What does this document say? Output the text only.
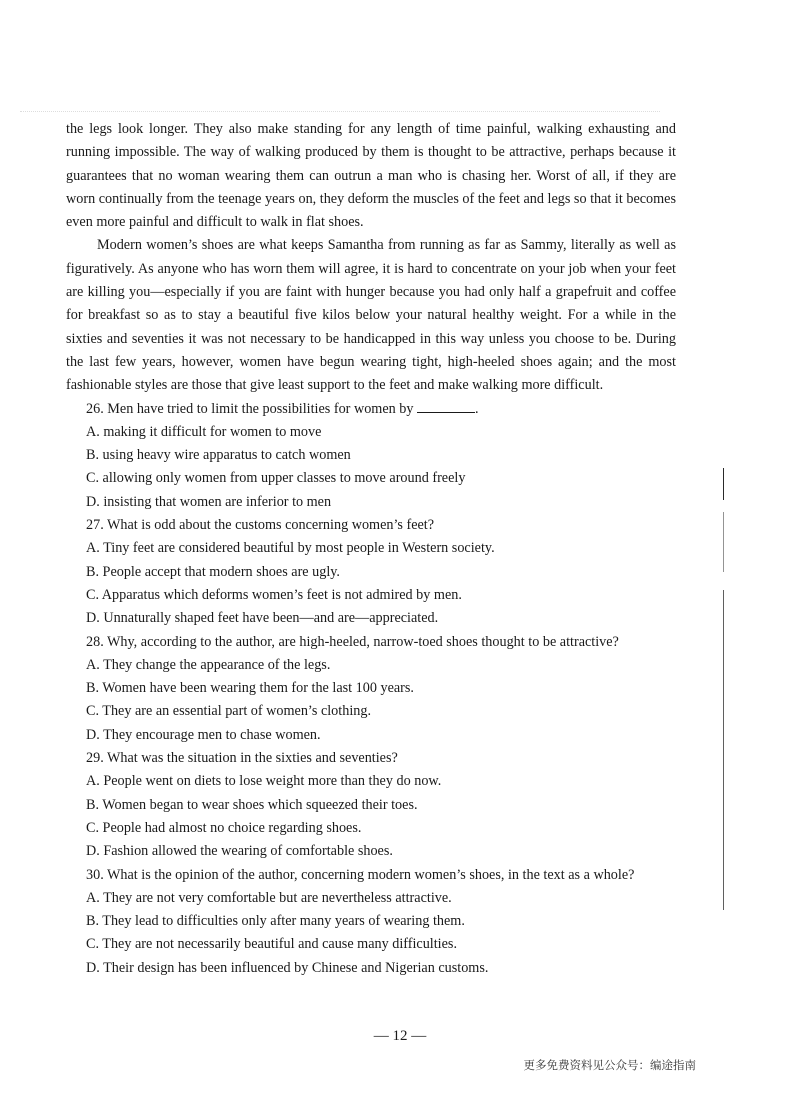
the legs look longer. They also make standing for any length of time painful, walking exhausting and running impossible. The way of walking produced by them is thought to be attractive, perhaps because it guarantees that no woman wearing them can outrun a man who is chasing her. Worst of all, if they are worn continually from the teenage years on, they deform the muscles of the feet and legs so that it becomes even more painful and difficult to walk in flat shoes.

Modern women’s shoes are what keeps Samantha from running as far as Sammy, literally as well as figuratively. As anyone who has worn them will agree, it is hard to concentrate on your job when your feet are killing you—especially if you are faint with hunger because you had only half a grapefruit and coffee for breakfast so as to stay a beautiful five kilos below your natural healthy weight. For a while in the sixties and seventies it was not necessary to be handicapped in this way unless you choose to be. During the last few years, however, women have begun wearing tight, high-heeled shoes again; and the most fashionable styles are those that give least support to the feet and make walking more difficult.

26. Men have tried to limit the possibilities for women by	.

A. making it difficult for women to move

B. using heavy wire apparatus to catch women

C. allowing only women from upper classes to move around freely

D. insisting that women are inferior to men

27. What is odd about the customs concerning women’s feet?

A. Tiny feet are considered beautiful by most people in Western society.

B. People accept that modern shoes are ugly.

C. Apparatus which deforms women’s feet is not admired by men.

D. Unnaturally shaped feet have been—and are—appreciated.

28. Why, according to the author, are high-heeled, narrow-toed shoes thought to be attractive?

A. They change the appearance of the legs.

B. Women have been wearing them for the last 100 years.

C. They are an essential part of women’s clothing.

D. They encourage men to chase women.

29. What was the situation in the sixties and seventies?

A. People went on diets to lose weight more than they do now.

B. Women began to wear shoes which squeezed their toes.

C. People had almost no choice regarding shoes.

D. Fashion allowed the wearing of comfortable shoes.

30. What is the opinion of the author, concerning modern women’s shoes, in the text as a whole?

A. They are not very comfortable but are nevertheless attractive.

B. They lead to difficulties only after many years of wearing them.

C. They are not necessarily beautiful and cause many difficulties.

D. Their design has been influenced by Chinese and Nigerian customs.

— 12 —
更多免费资料见公众号：编途指南
